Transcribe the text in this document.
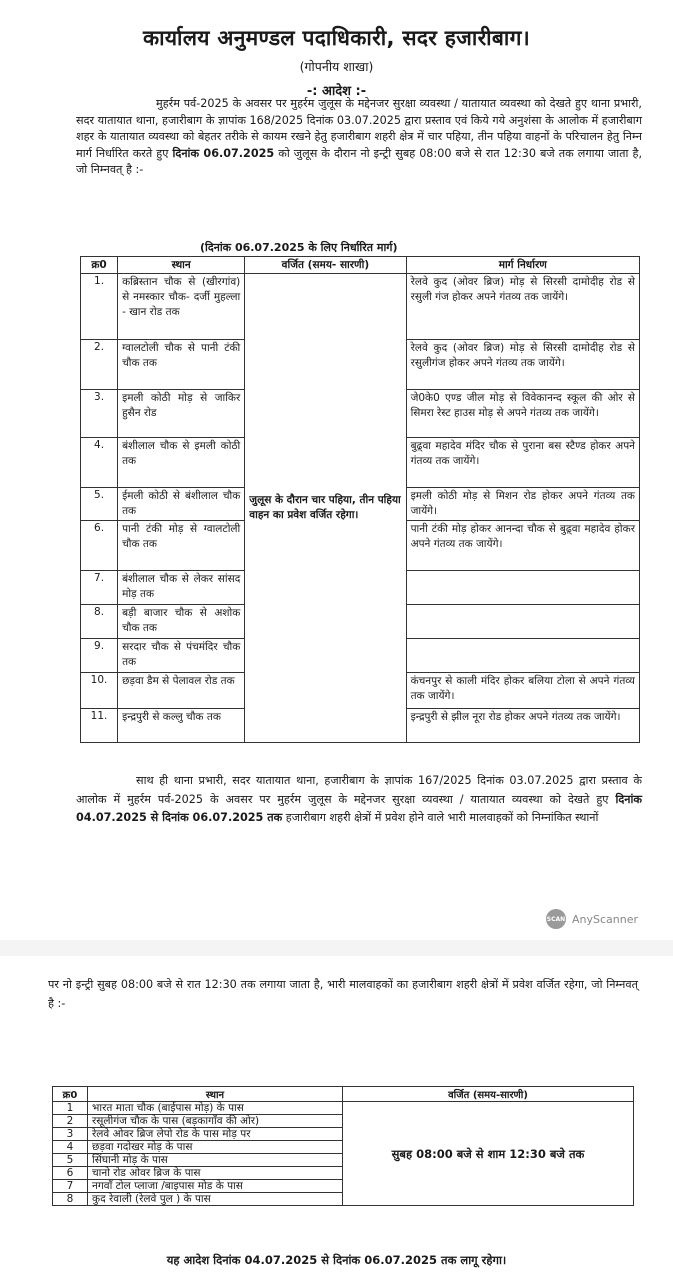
कार्यालय अनुमण्डल पदाधिकारी, सदर हजारीबाग।
(गोपनीय शाखा)
-: आदेश :-
मुहर्रम पर्व-2025 के अवसर पर मुहर्रम जुलूस के मद्देनजर सुरक्षा व्यवस्था / यातायात व्यवस्था को देखते हुए थाना प्रभारी, सदर यातायात थाना, हजारीबाग के ज्ञापांक 168/2025 दिनांक 03.07.2025 द्वारा प्रस्ताव एवं किये गये अनुशंसा के आलोक में हजारीबाग शहर के यातायात व्यवस्था को बेहतर तरीके से कायम रखने हेतु हजारीबाग शहरी क्षेत्र में चार पहिया, तीन पहिया वाहनों के परिचालन हेतु निम्न मार्ग निर्धारित करते हुए दिनांक 06.07.2025 को जुलूस के दौरान नो इन्ट्री सुबह 08:00 बजे से रात 12:30 बजे तक लगाया जाता है, जो निम्नवत् है :-
(दिनांक 06.07.2025 के लिए निर्धारित मार्ग)
क्र0	स्थान	वर्जित (समय- सारणी)	मार्ग निर्धारण
1.	कब्रिस्तान चौक से (खीरगांव) से नमस्कार चौक- दर्जी मुहल्ला - खान रोड तक	जुलूस के दौरान चार पहिया, तीन पहिया वाहन का प्रवेश वर्जित रहेगा।	रेलवे कुद (ओवर ब्रिज) मोड़ से सिरसी दामोदीह रोड से रसुली गंज होकर अपने गंतव्य तक जायेंगे।
2.	ग्वालटोली चौक से पानी टंकी चौक तक		रेलवे कुद (ओवर ब्रिज) मोड़ से सिरसी दामोदीह रोड से रसुलीगंज होकर अपने गंतव्य तक जायेंगे।
3.	इमली कोठी मोड़ से जाकिर हुसैन रोड		जे0के0 एण्ड जील मोड़ से विवेकानन्द स्कूल की ओर से सिमरा रेस्ट हाउस मोड़ से अपने गंतव्य तक जायेंगे।
4.	बंशीलाल चौक से इमली कोठी तक		बुढ़्वा महादेव मंदिर चौक से पुराना बस स्टैण्ड होकर अपने गंतव्य तक जायेंगे।
5.	ईमली कोठी से बंशीलाल चौक तक		इमली कोठी मोड़ से मिशन रोड होकर अपने गंतव्य तक जायेंगे।
6.	पानी टंकी मोड़ से ग्वालटोली चौक तक		पानी टंकी मोड़ होकर आनन्दा चौक से बुढ़्वा महादेव होकर अपने गंतव्य तक जायेंगे।
7.	बंशीलाल चौक से लेकर सांसद मोड़ तक		
8.	बड़ी बाजार चौक से अशोक चौक तक		
9.	सरदार चौक से पंचमंदिर चौक तक		
10.	छड़वा डैम से पेलावल रोड तक		कंचनपुर से काली मंदिर होकर बलिया टोला से अपने गंतव्य तक जायेंगे।
11.	इन्द्रपुरी से कल्लु चौक तक		इन्द्रपुरी से झील नूरा रोड होकर अपने गंतव्य तक जायेंगे।
साथ ही थाना प्रभारी, सदर यातायात थाना, हजारीबाग के ज्ञापांक 167/2025 दिनांक 03.07.2025 द्वारा प्रस्ताव के आलोक में मुहर्रम पर्व-2025 के अवसर पर मुहर्रम जुलूस के मद्देनजर सुरक्षा व्यवस्था / यातायात व्यवस्था को देखते हुए दिनांक 04.07.2025 से दिनांक 06.07.2025 तक हजारीबाग शहरी क्षेत्रों में प्रवेश होने वाले भारी मालवाहकों को निम्नांकित स्थानों
SCAN AnyScanner
पर नो इन्ट्री सुबह 08:00 बजे से रात 12:30 तक लगाया जाता है, भारी मालवाहकों का हजारीबाग शहरी क्षेत्रों में प्रवेश वर्जित रहेगा, जो निम्नवत् है :-
क्र0	स्थान	वर्जित (समय-सारणी)
1	भारत माता चौक (बाईपास मोड़) के पास	सुबह 08:00 बजे से शाम 12:30 बजे तक
2	रसूलीगंज चौक के पास (बड़कागाँव की ओर)	
3	रेलवे ओवर ब्रिज लेपो रोड के पास मोड़ पर	
4	छड़वा गदोखर मोड़ के पास	
5	सिंघानी मोड़ के पास	
6	चानो रोड ओवर ब्रिज के पास	
7	नगवाँ टोल प्लाजा /बाइपास मोड के पास	
8	कुद रेवाली (रेलवे पुल ) के पास	
यह आदेश दिनांक 04.07.2025 से दिनांक 06.07.2025 तक लागू रहेगा।
